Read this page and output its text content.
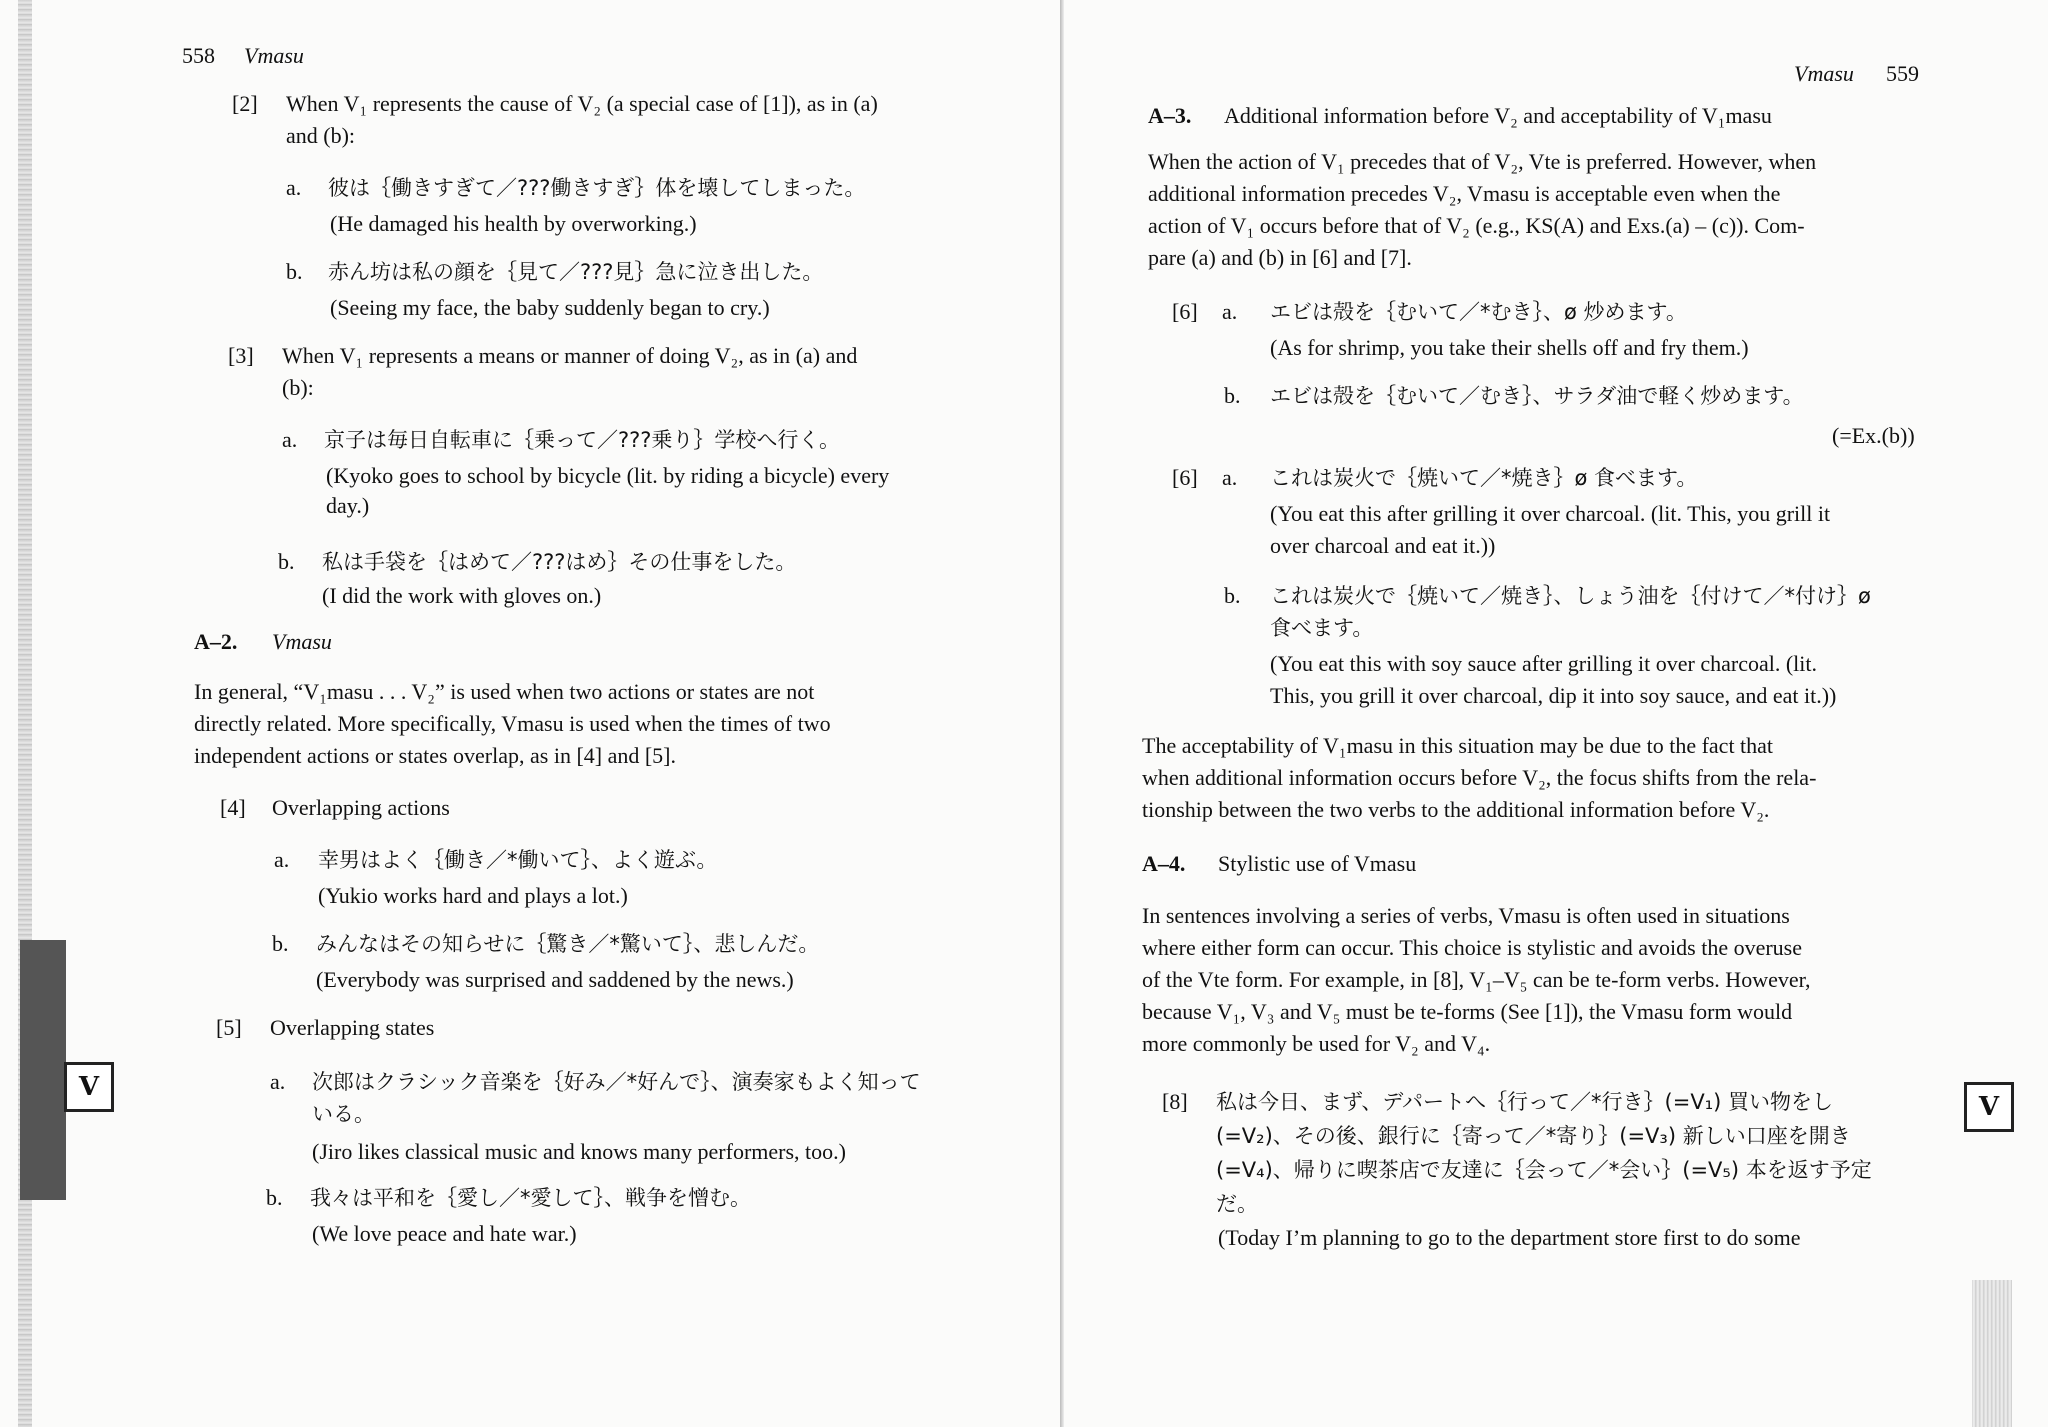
558 Vmasu
[2] When V₁ represents the cause of V₂ (a special case of [1]), as in (a)
and (b):
a. 彼は｛働きすぎて／???働きすぎ｝体を壊してしまった。
(He damaged his health by overworking.)
b. 赤ん坊は私の顔を｛見て／???見｝急に泣き出した。
(Seeing my face, the baby suddenly began to cry.)
[3] When V₁ represents a means or manner of doing V₂, as in (a) and
(b):
a. 京子は毎日自転車に｛乗って／???乗り｝学校へ行く。
(Kyoko goes to school by bicycle (lit. by riding a bicycle) every
day.)
b. 私は手袋を｛はめて／???はめ｝その仕事をした。
(I did the work with gloves on.)
A–2. Vmasu
In general, “V₁masu . . . V₂” is used when two actions or states are not
directly related. More specifically, Vmasu is used when the times of two
independent actions or states overlap, as in [4] and [5].
[4] Overlapping actions
a. 幸男はよく｛働き／*働いて｝、よく遊ぶ。
(Yukio works hard and plays a lot.)
b. みんなはその知らせに｛驚き／*驚いて｝、悲しんだ。
(Everybody was surprised and saddened by the news.)
[5] Overlapping states
a. 次郎はクラシック音楽を｛好み／*好んで｝、演奏家もよく知って
いる。
(Jiro likes classical music and knows many performers, too.)
b. 我々は平和を｛愛し／*愛して｝、戦争を憎む。
(We love peace and hate war.)
V
Vmasu 559
A–3. Additional information before V₂ and acceptability of V₁masu
When the action of V₁ precedes that of V₂, Vte is preferred. However, when
additional information precedes V₂, Vmasu is acceptable even when the
action of V₁ occurs before that of V₂ (e.g., KS(A) and Exs.(a) – (c)). Com-
pare (a) and (b) in [6] and [7].
[6] a. エビは殻を｛むいて／*むき｝、ø 炒めます。
(As for shrimp, you take their shells off and fry them.)
b. エビは殻を｛むいて／むき｝、サラダ油で軽く炒めます。
(=Ex.(b))
[6] a. これは炭火で｛焼いて／*焼き｝ø 食べます。
(You eat this after grilling it over charcoal. (lit. This, you grill it
over charcoal and eat it.))
b. これは炭火で｛焼いて／焼き｝、しょう油を｛付けて／*付け｝ø
食べます。
(You eat this with soy sauce after grilling it over charcoal. (lit.
This, you grill it over charcoal, dip it into soy sauce, and eat it.))
The acceptability of V₁masu in this situation may be due to the fact that
when additional information occurs before V₂, the focus shifts from the rela-
tionship between the two verbs to the additional information before V₂.
A–4. Stylistic use of Vmasu
In sentences involving a series of verbs, Vmasu is often used in situations
where either form can occur. This choice is stylistic and avoids the overuse
of the Vte form. For example, in [8], V₁–V₅ can be te-form verbs. However,
because V₁, V₃ and V₅ must be te-forms (See [1]), the Vmasu form would
more commonly be used for V₂ and V₄.
[8] 私は今日、まず、デパートへ｛行って／*行き｝(=V₁) 買い物をし
(=V₂)、その後、銀行に｛寄って／*寄り｝(=V₃) 新しい口座を開き
(=V₄)、帰りに喫茶店で友達に｛会って／*会い｝(=V₅) 本を返す予定
だ。
(Today I’m planning to go to the department store first to do some
V
